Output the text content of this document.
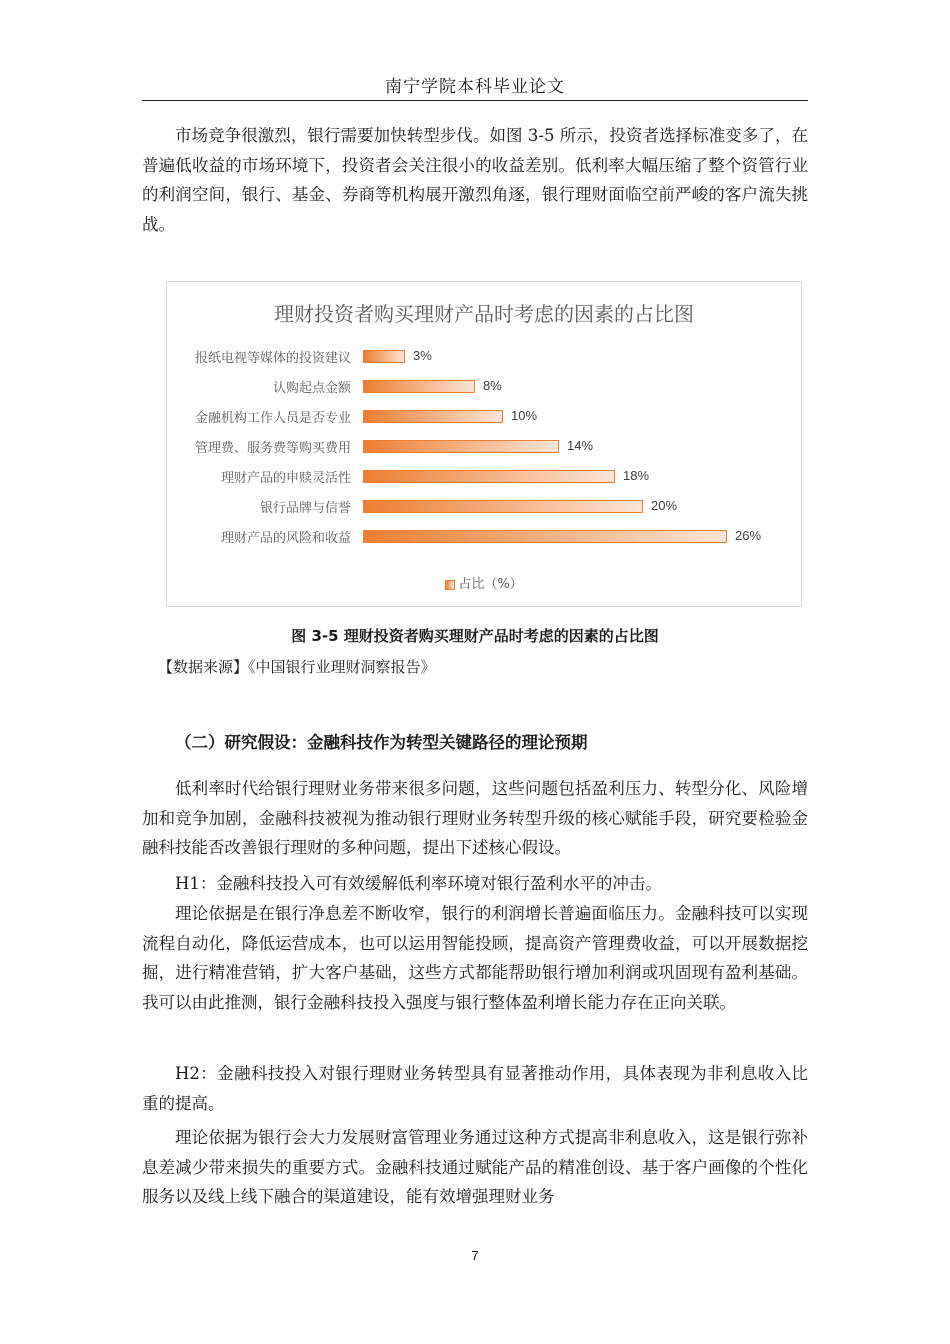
南宁学院本科毕业论文

市场竞争很激烈，银行需要加快转型步伐。如图 3-5 所示，投资者选择标准变多了，在普遍低收益的市场环境下，投资者会关注很小的收益差别。低利率大幅压缩了整个资管行业的利润空间，银行、基金、券商等机构展开激烈角逐，银行理财面临空前严峻的客户流失挑战。

理财投资者购买理财产品时考虑的因素的占比图
报纸电视等媒体的投资建议	3%
认购起点金额	8%
金融机构工作人员是否专业	10%
管理费、服务费等购买费用	14%
理财产品的申赎灵活性	18%
银行品牌与信誉	20%
理财产品的风险和收益	26%
占比（%）
图 3-5 理财投资者购买理财产品时考虑的因素的占比图
【数据来源】《中国银行业理财洞察报告》
（二）研究假设：金融科技作为转型关键路径的理论预期

低利率时代给银行理财业务带来很多问题，这些问题包括盈利压力、转型分化、风险增加和竞争加剧，金融科技被视为推动银行理财业务转型升级的核心赋能手段，研究要检验金融科技能否改善银行理财的多种问题，提出下述核心假设。

H1：金融科技投入可有效缓解低利率环境对银行盈利水平的冲击。

理论依据是在银行净息差不断收窄，银行的利润增长普遍面临压力。金融科技可以实现流程自动化，降低运营成本，也可以运用智能投顾，提高资产管理费收益，可以开展数据挖掘，进行精准营销，扩大客户基础，这些方式都能帮助银行增加利润或巩固现有盈利基础。我可以由此推测，银行金融科技投入强度与银行整体盈利增长能力存在正向关联。

H2：金融科技投入对银行理财业务转型具有显著推动作用，具体表现为非利息收入比重的提高。

理论依据为银行会大力发展财富管理业务通过这种方式提高非利息收入，这是银行弥补息差减少带来损失的重要方式。金融科技通过赋能产品的精准创设、基于客户画像的个性化服务以及线上线下融合的渠道建设，能有效增强理财业务

7
